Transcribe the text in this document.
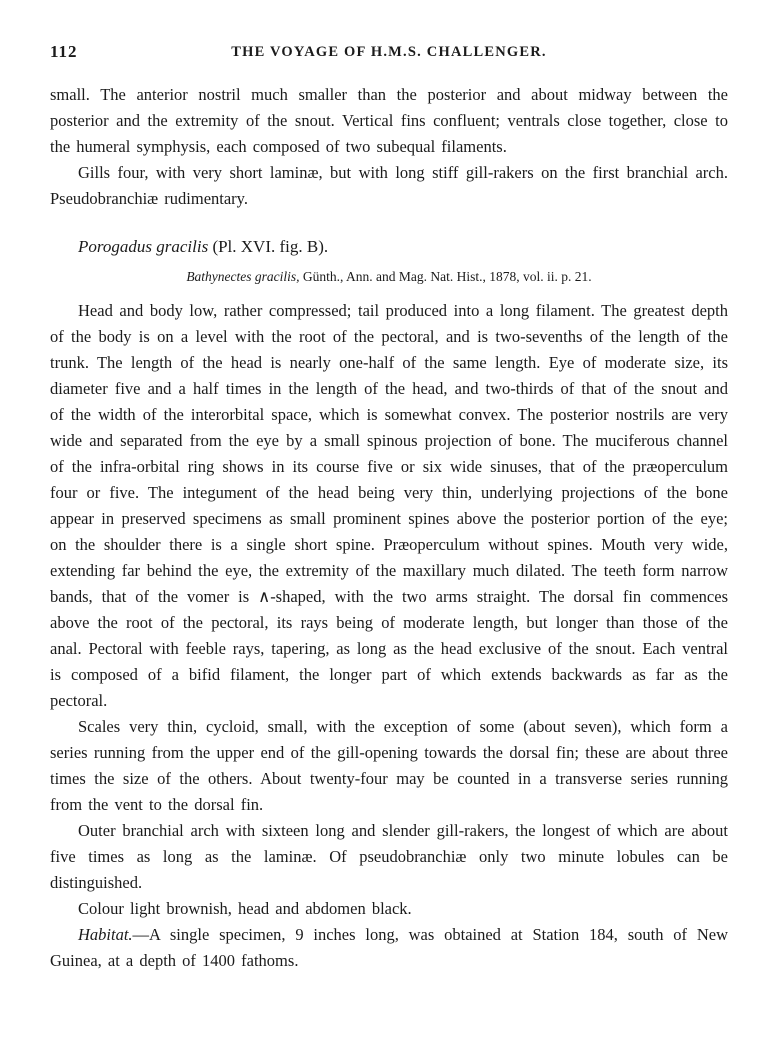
112	THE VOYAGE OF H.M.S. CHALLENGER.

small. The anterior nostril much smaller than the posterior and about midway between the posterior and the extremity of the snout. Vertical fins confluent; ventrals close together, close to the humeral symphysis, each composed of two subequal filaments.

Gills four, with very short laminæ, but with long stiff gill-rakers on the first branchial arch. Pseudobranchiæ rudimentary.

Porogadus gracilis (Pl. XVI. fig. B).

Bathynectes gracilis, Günth., Ann. and Mag. Nat. Hist., 1878, vol. ii. p. 21.

Head and body low, rather compressed; tail produced into a long filament. The greatest depth of the body is on a level with the root of the pectoral, and is two-sevenths of the length of the trunk. The length of the head is nearly one-half of the same length. Eye of moderate size, its diameter five and a half times in the length of the head, and two-thirds of that of the snout and of the width of the interorbital space, which is somewhat convex. The posterior nostrils are very wide and separated from the eye by a small spinous projection of bone. The muciferous channel of the infra-orbital ring shows in its course five or six wide sinuses, that of the præoperculum four or five. The integument of the head being very thin, underlying projections of the bone appear in preserved specimens as small prominent spines above the posterior portion of the eye; on the shoulder there is a single short spine. Præoperculum without spines. Mouth very wide, extending far behind the eye, the extremity of the maxillary much dilated. The teeth form narrow bands, that of the vomer is ∧-shaped, with the two arms straight. The dorsal fin commences above the root of the pectoral, its rays being of moderate length, but longer than those of the anal. Pectoral with feeble rays, tapering, as long as the head exclusive of the snout. Each ventral is composed of a bifid filament, the longer part of which extends backwards as far as the pectoral.

Scales very thin, cycloid, small, with the exception of some (about seven), which form a series running from the upper end of the gill-opening towards the dorsal fin; these are about three times the size of the others. About twenty-four may be counted in a transverse series running from the vent to the dorsal fin.

Outer branchial arch with sixteen long and slender gill-rakers, the longest of which are about five times as long as the laminæ. Of pseudobranchiæ only two minute lobules can be distinguished.

Colour light brownish, head and abdomen black.

Habitat.—A single specimen, 9 inches long, was obtained at Station 184, south of New Guinea, at a depth of 1400 fathoms.
